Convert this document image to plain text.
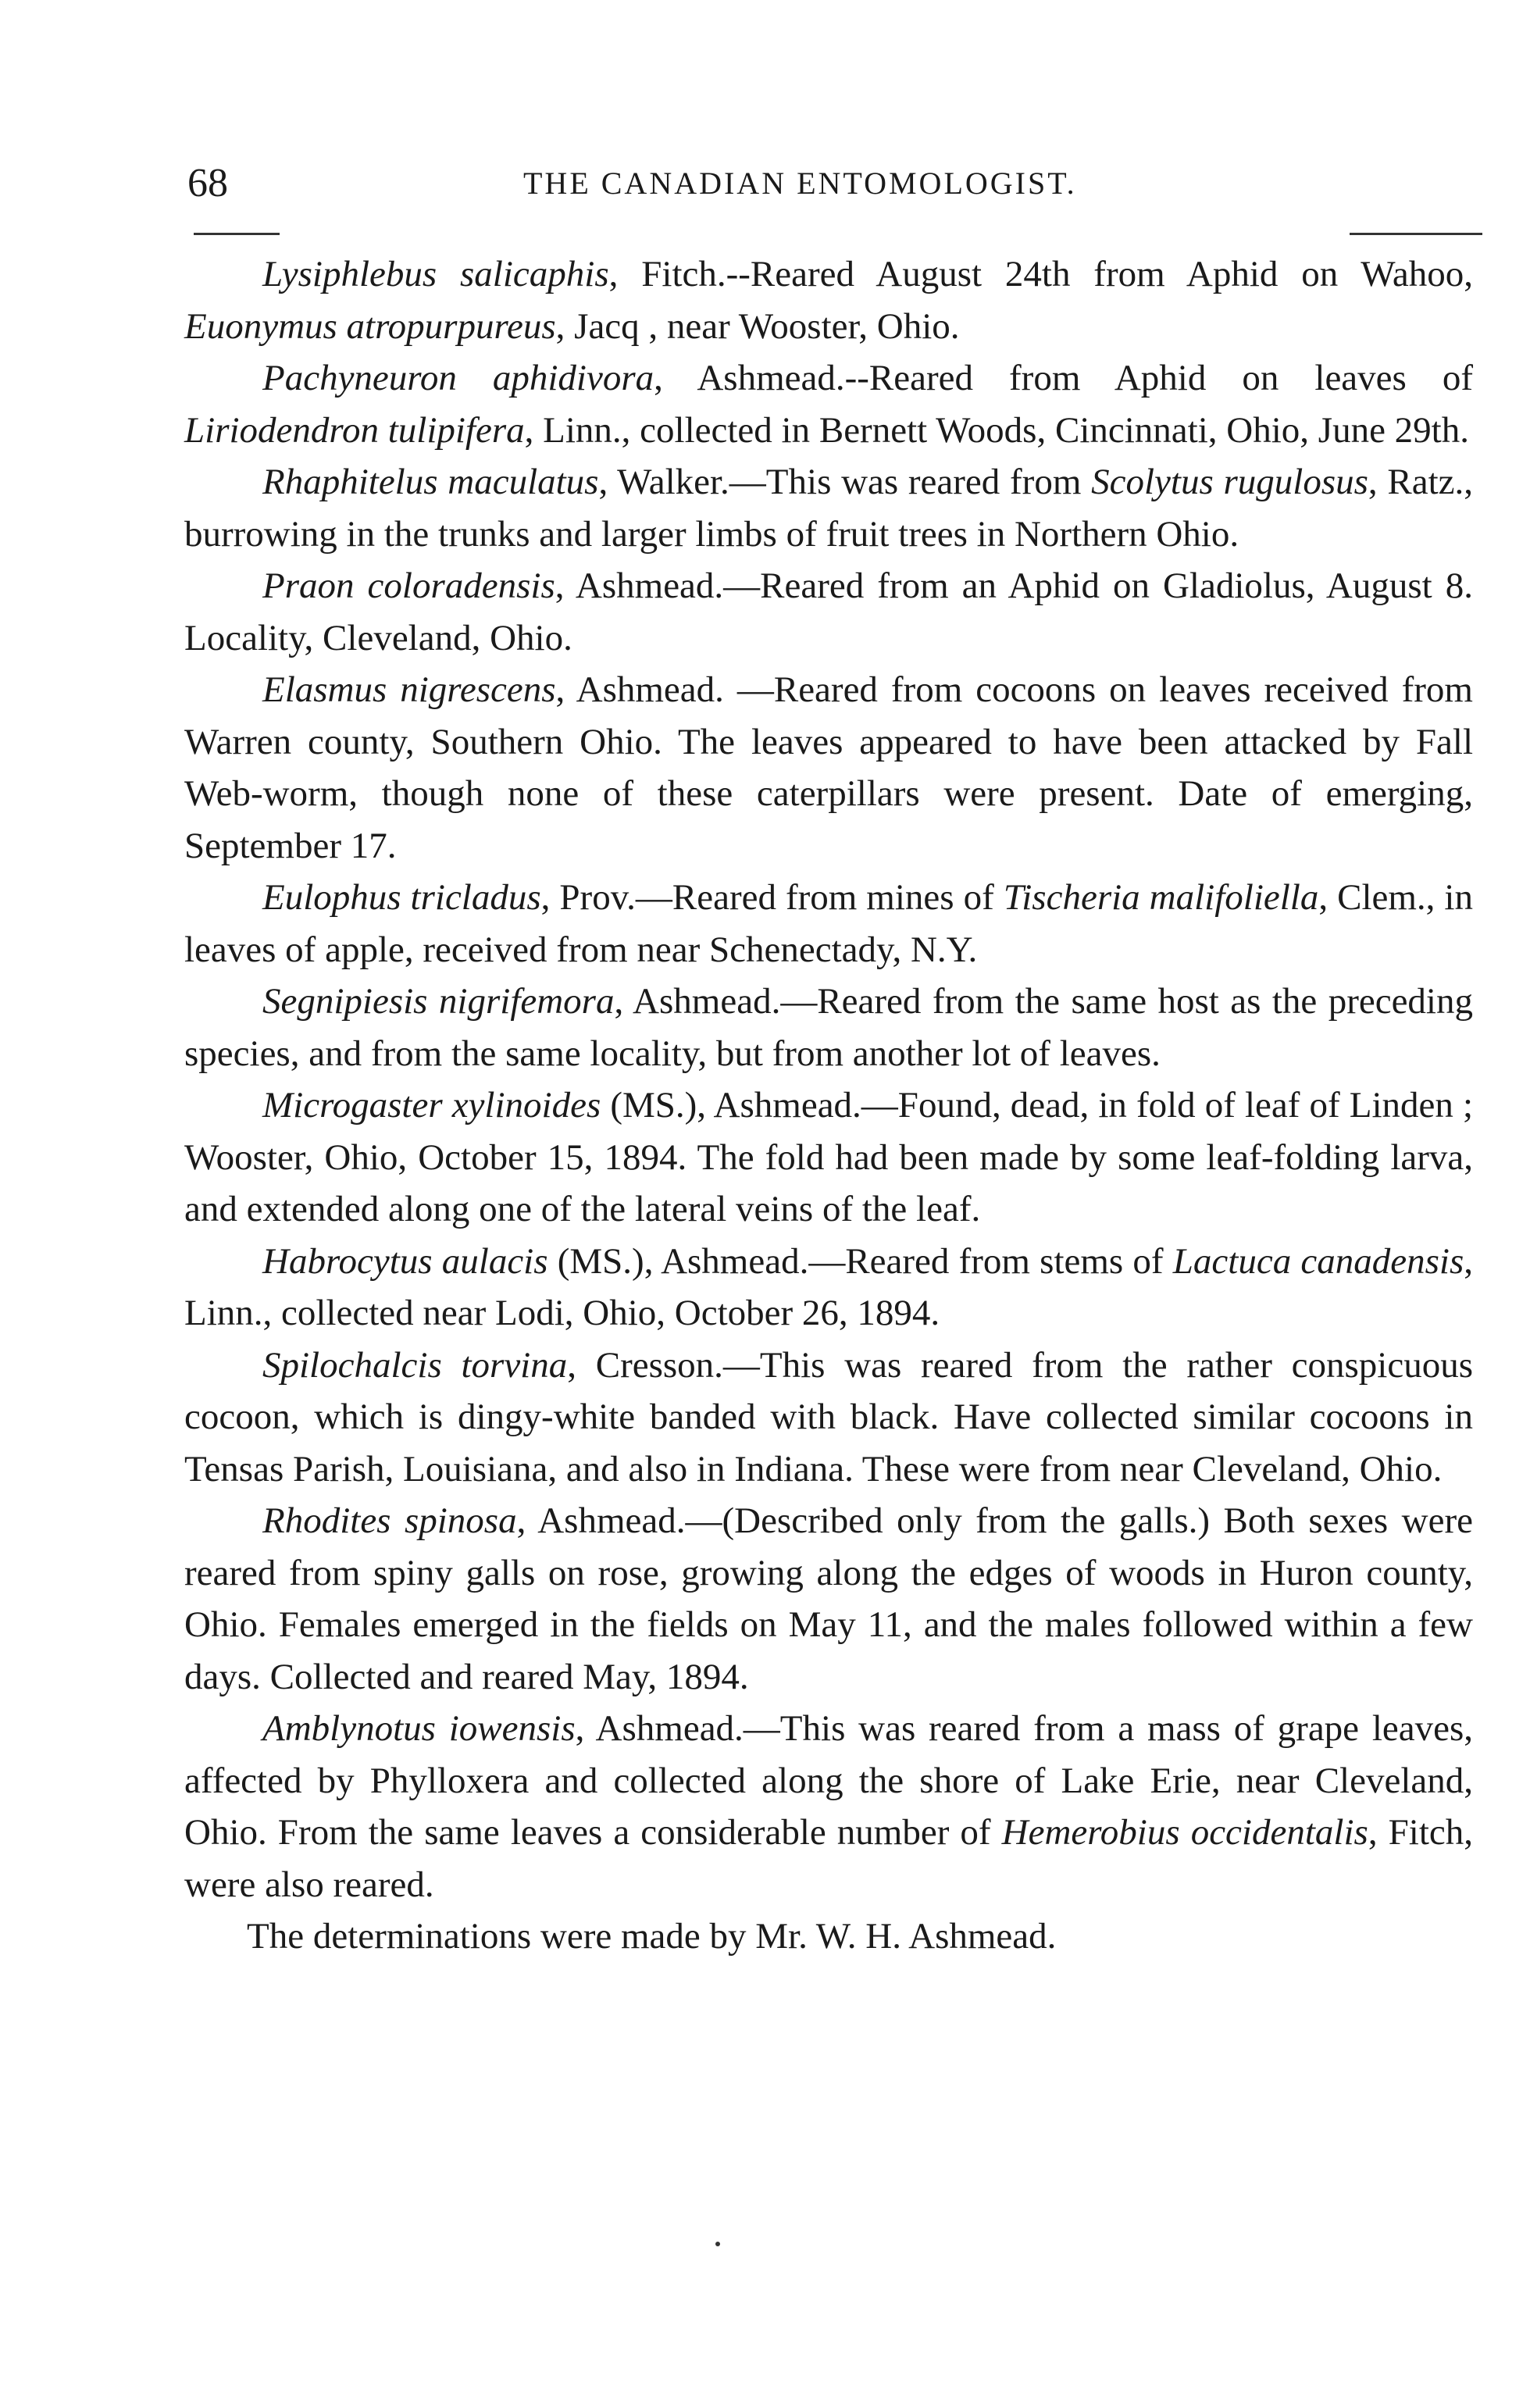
68	THE CANADIAN ENTOMOLOGIST.

Lysiphlebus salicaphis, Fitch.--Reared August 24th from Aphid on Wahoo, Euonymus atropurpureus, Jacq , near Wooster, Ohio.

Pachyneuron aphidivora, Ashmead.--Reared from Aphid on leaves of Liriodendron tulipifera, Linn., collected in Bernett Woods, Cincinnati, Ohio, June 29th.

Rhaphitelus maculatus, Walker.—This was reared from Scolytus rugulosus, Ratz., burrowing in the trunks and larger limbs of fruit trees in Northern Ohio.

Praon coloradensis, Ashmead.—Reared from an Aphid on Gladiolus, August 8. Locality, Cleveland, Ohio.

Elasmus nigrescens, Ashmead. —Reared from cocoons on leaves received from Warren county, Southern Ohio. The leaves appeared to have been attacked by Fall Web-worm, though none of these caterpillars were present. Date of emerging, September 17.

Eulophus tricladus, Prov.—Reared from mines of Tischeria malifoliella, Clem., in leaves of apple, received from near Schenectady, N.Y.

Segnipiesis nigrifemora, Ashmead.—Reared from the same host as the preceding species, and from the same locality, but from another lot of leaves.

Microgaster xylinoides (MS.), Ashmead.—Found, dead, in fold of leaf of Linden ; Wooster, Ohio, October 15, 1894. The fold had been made by some leaf-folding larva, and extended along one of the lateral veins of the leaf.

Habrocytus aulacis (MS.), Ashmead.—Reared from stems of Lactuca canadensis, Linn., collected near Lodi, Ohio, October 26, 1894.

Spilochalcis torvina, Cresson.—This was reared from the rather conspicuous cocoon, which is dingy-white banded with black. Have collected similar cocoons in Tensas Parish, Louisiana, and also in Indiana. These were from near Cleveland, Ohio.

Rhodites spinosa, Ashmead.—(Described only from the galls.) Both sexes were reared from spiny galls on rose, growing along the edges of woods in Huron county, Ohio. Females emerged in the fields on May 11, and the males followed within a few days. Collected and reared May, 1894.

Amblynotus iowensis, Ashmead.—This was reared from a mass of grape leaves, affected by Phylloxera and collected along the shore of Lake Erie, near Cleveland, Ohio. From the same leaves a considerable number of Hemerobius occidentalis, Fitch, were also reared.

The determinations were made by Mr. W. H. Ashmead.
